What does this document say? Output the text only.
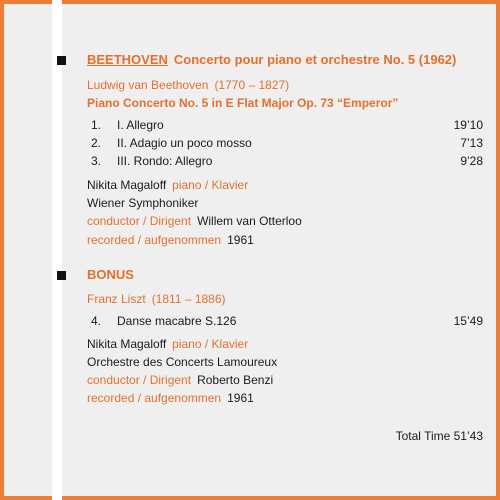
BEETHOVEN Concerto pour piano et orchestre No. 5 (1962)
Ludwig van Beethoven (1770 – 1827)
Piano Concerto No. 5 in E Flat Major Op. 73 “Emperor”
1. I. Allegro	19’10
2. II. Adagio un poco mosso	7’13
3. III. Rondo: Allegro	9’28
Nikita Magaloff piano / Klavier
Wiener Symphoniker
conductor / Dirigent Willem van Otterloo
recorded / aufgenommen 1961
BONUS
Franz Liszt (1811 – 1886)
4. Danse macabre S.126	15’49
Nikita Magaloff piano / Klavier
Orchestre des Concerts Lamoureux
conductor / Dirigent Roberto Benzi
recorded / aufgenommen 1961
Total Time 51’43
